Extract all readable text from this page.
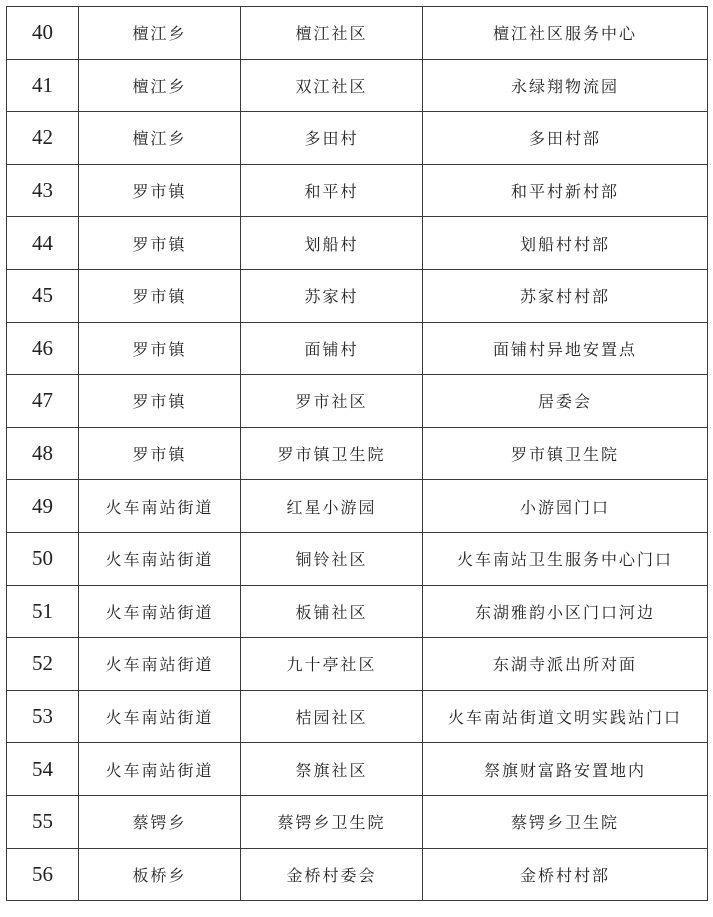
40	檀江乡	檀江社区	檀江社区服务中心
41	檀江乡	双江社区	永绿翔物流园
42	檀江乡	多田村	多田村部
43	罗市镇	和平村	和平村新村部
44	罗市镇	划船村	划船村村部
45	罗市镇	苏家村	苏家村村部
46	罗市镇	面铺村	面铺村异地安置点
47	罗市镇	罗市社区	居委会
48	罗市镇	罗市镇卫生院	罗市镇卫生院
49	火车南站街道	红星小游园	小游园门口
50	火车南站街道	铜铃社区	火车南站卫生服务中心门口
51	火车南站街道	板铺社区	东湖雅韵小区门口河边
52	火车南站街道	九十亭社区	东湖寺派出所对面
53	火车南站街道	桔园社区	火车南站街道文明实践站门口
54	火车南站街道	祭旗社区	祭旗财富路安置地内
55	蔡锷乡	蔡锷乡卫生院	蔡锷乡卫生院
56	板桥乡	金桥村委会	金桥村村部
